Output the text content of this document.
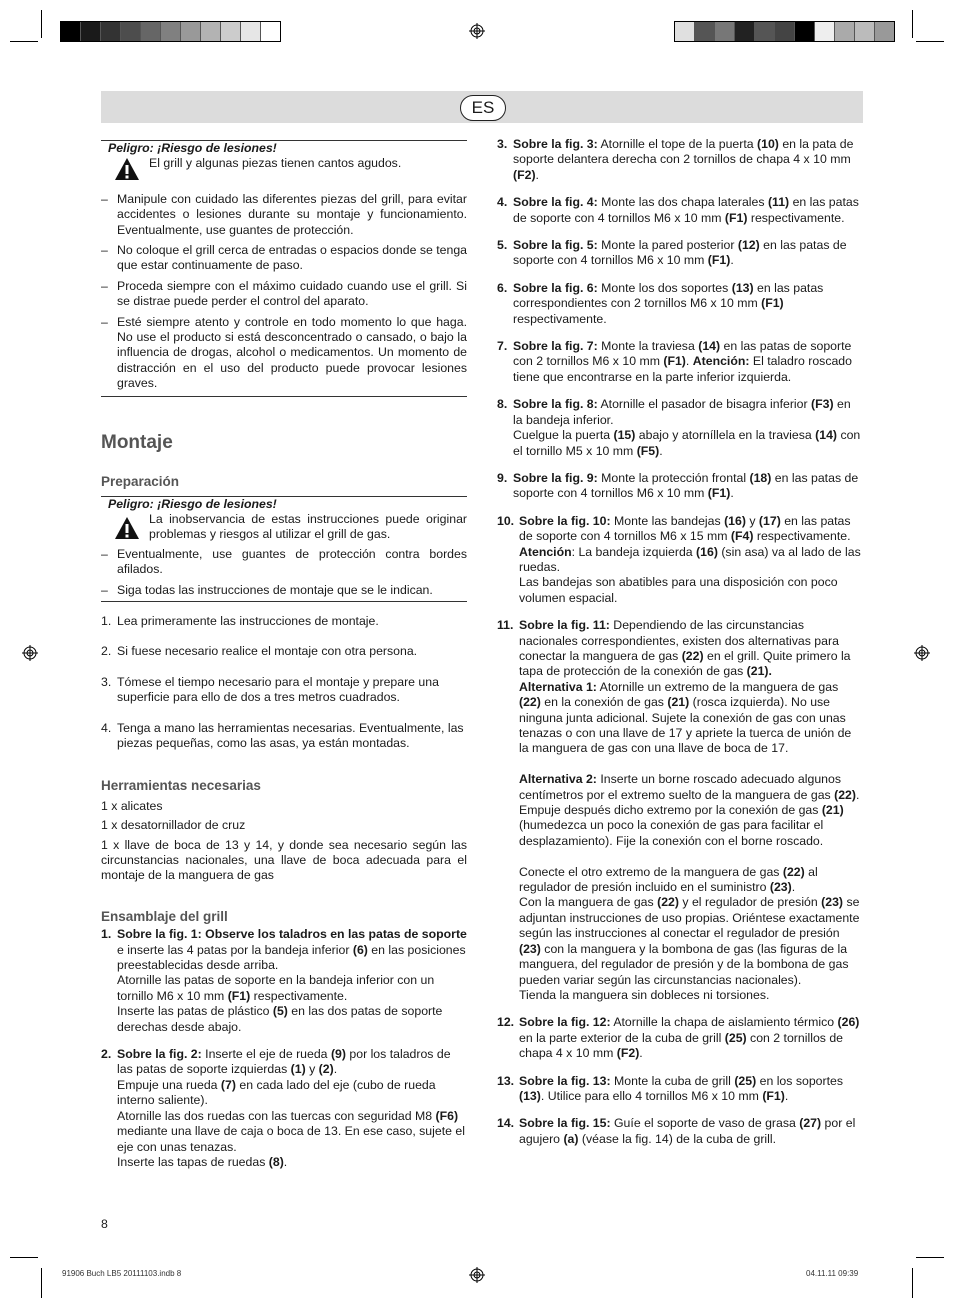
ES
Peligro: ¡Riesgo de lesiones!
El grill y algunas piezas tienen cantos agudos.
– Manipule con cuidado las diferentes piezas del grill, para evitar accidentes o lesiones durante su montaje y funcionamiento. Eventualmente, use guantes de protección.
– No coloque el grill cerca de entradas o espacios donde se tenga que estar continuamente de paso.
– Proceda siempre con el máximo cuidado cuando use el grill. Si se distrae puede perder el control del aparato.
– Esté siempre atento y controle en todo momento lo que haga. No use el producto si está desconcentrado o cansado, o bajo la influencia de drogas, alcohol o medicamentos. Un momento de distracción en el uso del producto puede provocar lesiones graves.
Montaje
Preparación
Peligro: ¡Riesgo de lesiones!
La inobservancia de estas instrucciones puede originar problemas y riesgos al utilizar el grill de gas.
– Eventualmente, use guantes de protección contra bordes afilados.
– Siga todas las instrucciones de montaje que se le indican.
1. Lea primeramente las instrucciones de montaje.
2. Si fuese necesario realice el montaje con otra persona.
3. Tómese el tiempo necesario para el montaje y prepare una superficie para ello de dos a tres metros cuadrados.
4. Tenga a mano las herramientas necesarias. Eventualmente, las piezas pequeñas, como las asas, ya están montadas.
Herramientas necesarias

1 x alicates

1 x desatornillador de cruz

1 x llave de boca de 13 y 14, y donde sea necesario según las circunstancias nacionales, una llave de boca adecuada para el montaje de la manguera de gas

Ensamblaje del grill
1. Sobre la fig. 1: Observe los taladros en las patas de soporte e inserte las 4 patas por la bandeja inferior (6) en las posiciones preestablecidas desde arriba.
Atornille las patas de soporte en la bandeja inferior con un tornillo M6 x 10 mm (F1) respectivamente.
Inserte las patas de plástico (5) en las dos patas de soporte derechas desde abajo.
2. Sobre la fig. 2: Inserte el eje de rueda (9) por los taladros de las patas de soporte izquierdas (1) y (2).
Empuje una rueda (7) en cada lado del eje (cubo de rueda interno saliente).
Atornille las dos ruedas con las tuercas con seguridad M8 (F6) mediante una llave de caja o boca de 13. En ese caso, sujete el eje con unas tenazas.
Inserte las tapas de ruedas (8).
3. Sobre la fig. 3: Atornille el tope de la puerta (10) en la pata de soporte delantera derecha con 2 tornillos de chapa 4 x 10 mm (F2).
4. Sobre la fig. 4: Monte las dos chapa laterales (11) en las patas de soporte con 4 tornillos M6 x 10 mm (F1) respectivamente.
5. Sobre la fig. 5: Monte la pared posterior (12) en las patas de soporte con 4 tornillos M6 x 10 mm (F1).
6. Sobre la fig. 6: Monte los dos soportes (13) en las patas correspondientes con 2 tornillos M6 x 10 mm (F1) respectivamente.
7. Sobre la fig. 7: Monte la traviesa (14) en las patas de soporte con 2 tornillos M6 x 10 mm (F1). Atención: El taladro roscado tiene que encontrarse en la parte inferior izquierda.
8. Sobre la fig. 8: Atornille el pasador de bisagra inferior (F3) en la bandeja inferior.
Cuelgue la puerta (15) abajo y atorníllela en la traviesa (14) con el tornillo M5 x 10 mm (F5).
9. Sobre la fig. 9: Monte la protección frontal (18) en las patas de soporte con 4 tornillos M6 x 10 mm (F1).
10. Sobre la fig. 10: Monte las bandejas (16) y (17) en las patas de soporte con 4 tornillos M6 x 15 mm (F4) respectivamente. Atención: La bandeja izquierda (16) (sin asa) va al lado de las ruedas.
Las bandejas son abatibles para una disposición con poco volumen espacial.
11. Sobre la fig. 11: Dependiendo de las circunstancias nacionales correspondientes, existen dos alternativas para conectar la manguera de gas (22) en el grill. Quite primero la tapa de protección de la conexión de gas (21).
Alternativa 1: Atornille un extremo de la manguera de gas (22) en la conexión de gas (21) (rosca izquierda). No use ninguna junta adicional. Sujete la conexión de gas con unas tenazas o con una llave de 17 y apriete la tuerca de unión de la manguera de gas con una llave de boca de 17.

Alternativa 2: Inserte un borne roscado adecuado algunos centímetros por el extremo suelto de la manguera de gas (22). Empuje después dicho extremo por la conexión de gas (21) (humedezca un poco la conexión de gas para facilitar el desplazamiento). Fije la conexión con el borne roscado.

Conecte el otro extremo de la manguera de gas (22) al regulador de presión incluido en el suministro (23).
Con la manguera de gas (22) y el regulador de presión (23) se adjuntan instrucciones de uso propias. Oriéntese exactamente según las instrucciones al conectar el regulador de presión (23) con la manguera y la bombona de gas (las figuras de la manguera, del regulador de presión y de la bombona de gas pueden variar según las circunstancias nacionales).
Tienda la manguera sin dobleces ni torsiones.
12. Sobre la fig. 12: Atornille la chapa de aislamiento térmico (26) en la parte exterior de la cuba de grill (25) con 2 tornillos de chapa 4 x 10 mm (F2).
13. Sobre la fig. 13: Monte la cuba de grill (25) en los soportes (13). Utilice para ello 4 tornillos M6 x 10 mm (F1).
14. Sobre la fig. 15: Guíe el soporte de vaso de grasa (27) por el agujero (a) (véase la fig. 14) de la cuba de grill.
8
91906 Buch LB5 20111103.indb 8	04.11.11 09:39
